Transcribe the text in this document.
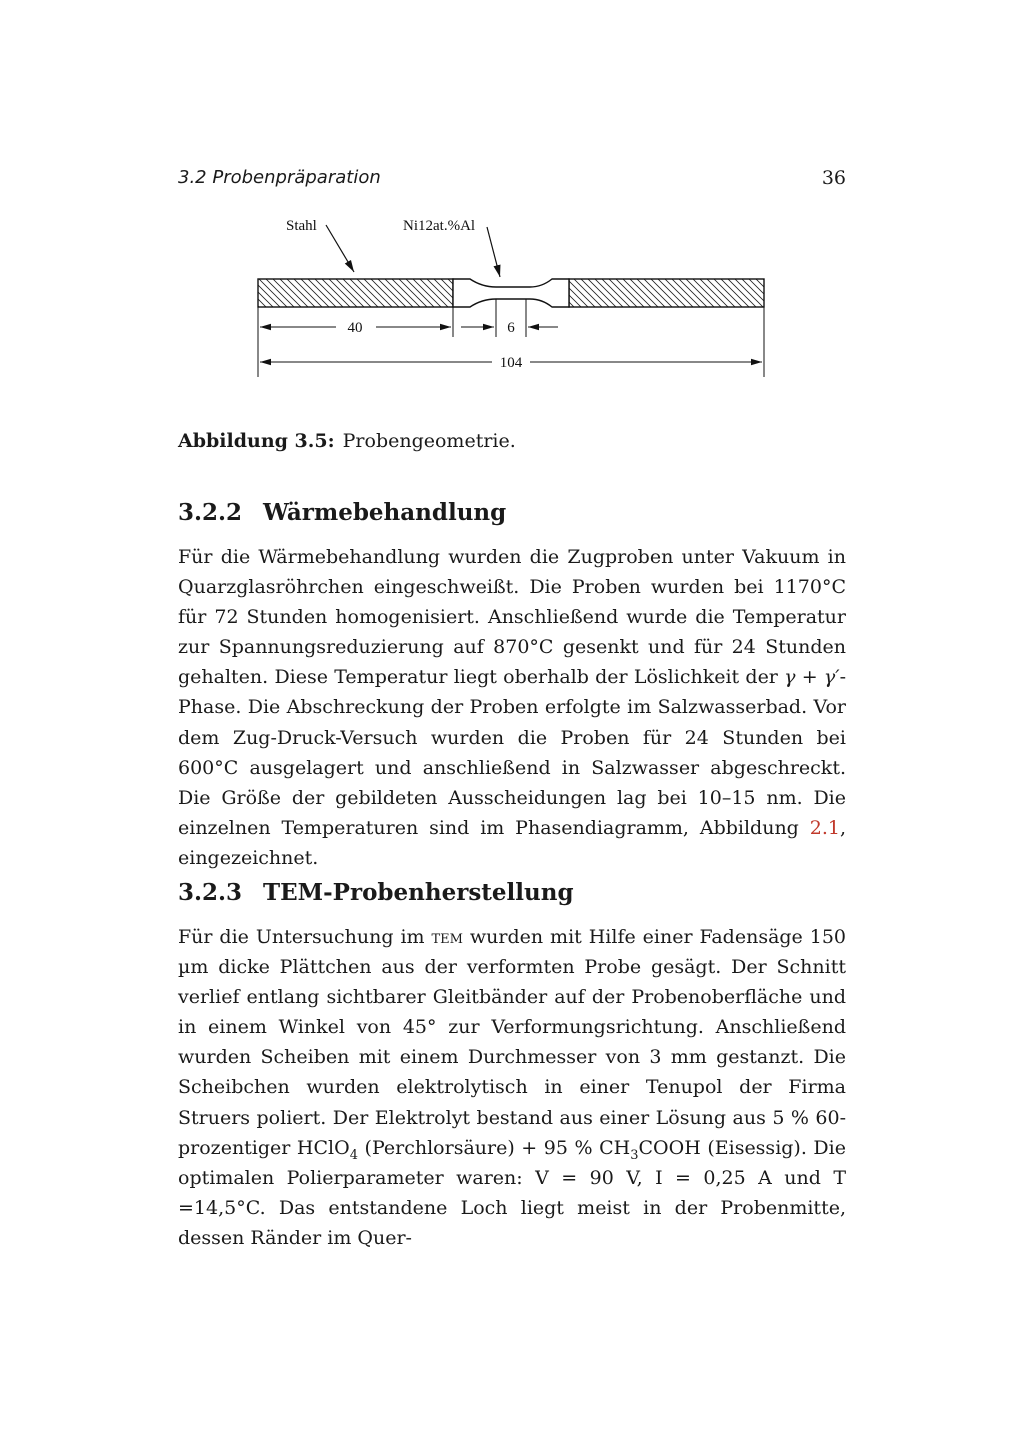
3.2 Probenpräparation	36
Stahl	Ni12at.%Al
40	6
104
Abbildung 3.5: Probengeometrie.
3.2.2 Wärmebehandlung

Für die Wärmebehandlung wurden die Zugproben unter Vakuum in Quarzglasröhrchen eingeschweißt. Die Proben wurden bei 1170°C für 72 Stunden homogenisiert. Anschließend wurde die Temperatur zur Spannungsreduzierung auf 870°C gesenkt und für 24 Stunden gehalten. Diese Temperatur liegt oberhalb der Löslichkeit der γ + γ′- Phase. Die Abschreckung der Proben erfolgte im Salzwasserbad. Vor dem Zug-Druck-Versuch wurden die Proben für 24 Stunden bei 600°C ausgelagert und anschließend in Salzwasser abgeschreckt. Die Größe der gebildeten Ausscheidungen lag bei 10–15 nm. Die einzelnen Temperaturen sind im Phasendiagramm, Abbildung 2.1, eingezeichnet.

3.2.3 TEM-Probenherstellung

Für die Untersuchung im tem wurden mit Hilfe einer Fadensäge 150 µm dicke Plättchen aus der verformten Probe gesägt. Der Schnitt verlief entlang sichtbarer Gleitbänder auf der Probenoberfläche und in einem Winkel von 45° zur Verformungsrichtung. Anschließend wurden Scheiben mit einem Durchmesser von 3 mm gestanzt. Die Scheibchen wurden elektrolytisch in einer Tenupol der Firma Struers poliert. Der Elektrolyt bestand aus einer Lösung aus 5 % 60-prozentiger HClO$_4$ (Perchlorsäure) + 95 % $CH_3COOH$ (Eisessig). Die optimalen Polierparameter waren: V = 90 V, I = 0,25 A und T =14,5°C. Das entstandene Loch liegt meist in der Probenmitte, dessen Ränder im Quer-
